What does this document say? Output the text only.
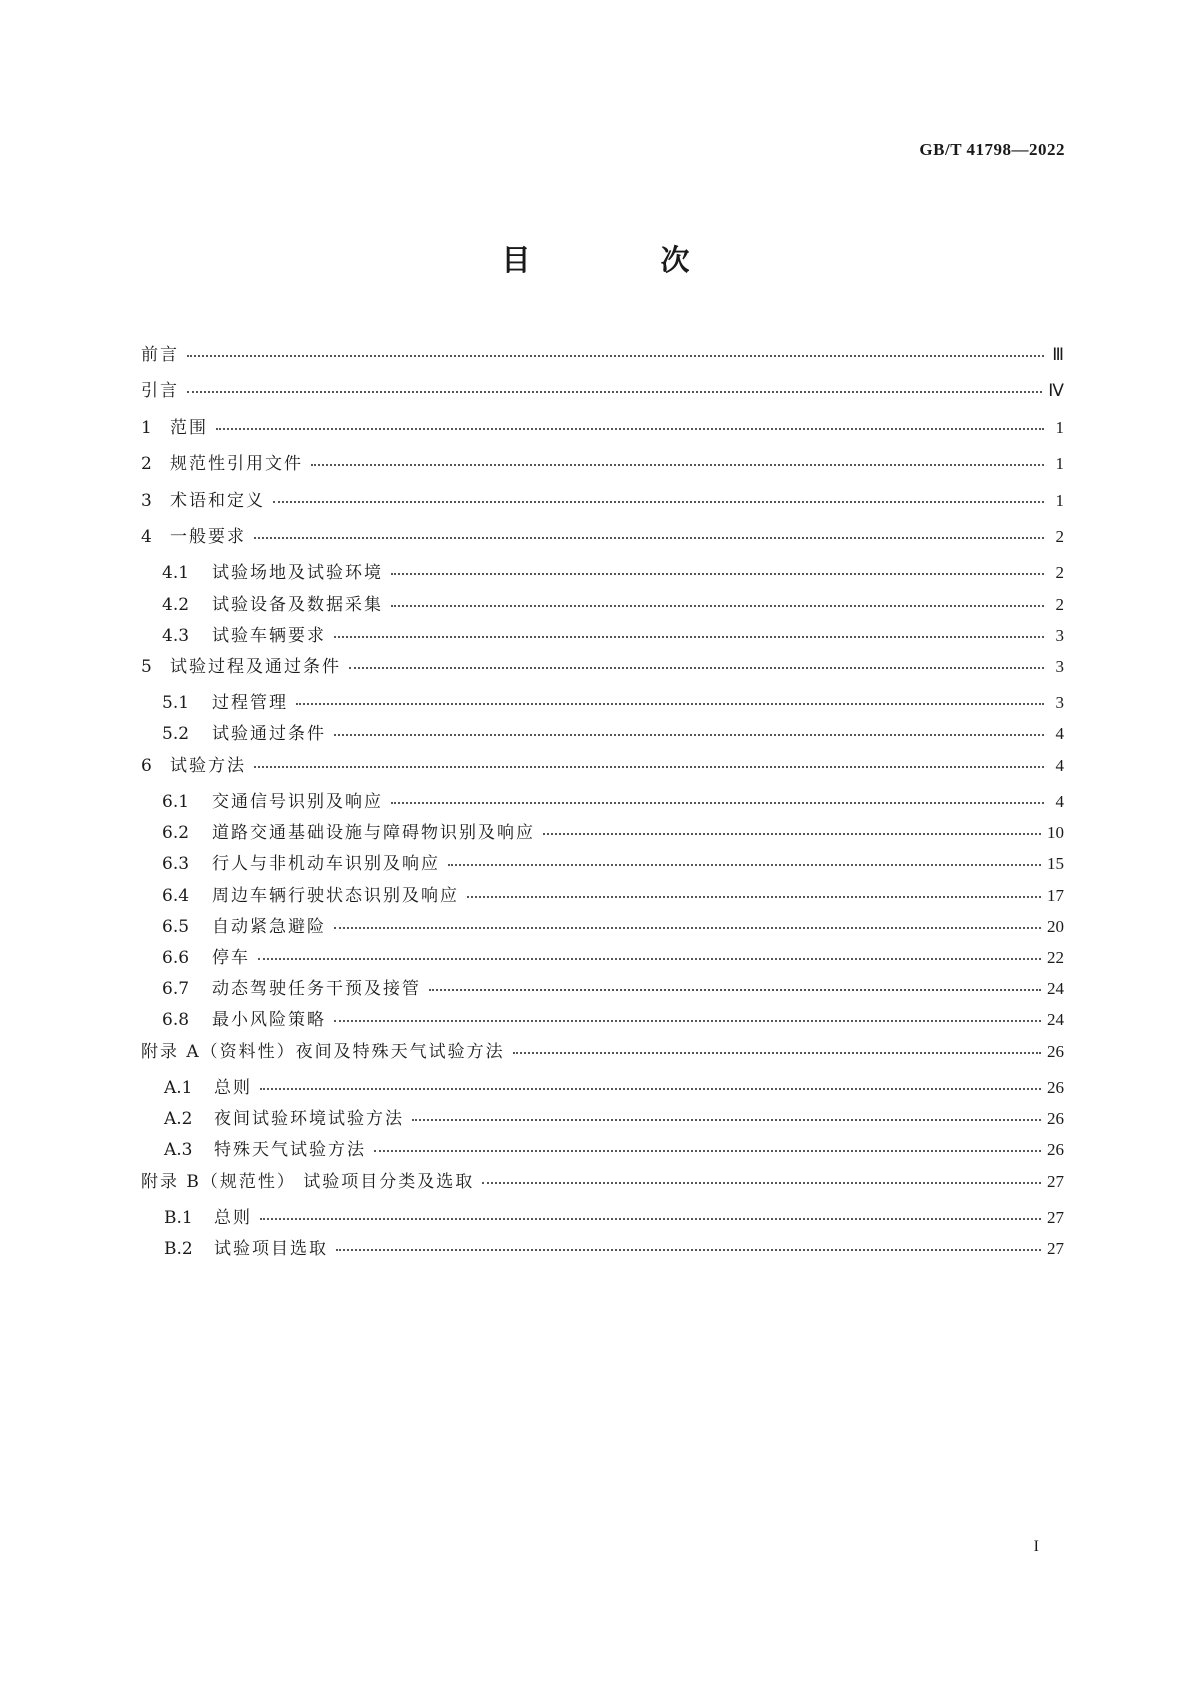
GB/T 41798—2022
目 次
前言	Ⅲ
引言	Ⅳ
1	范围	1
2	规范性引用文件	1
3	术语和定义	1
4	一般要求	2
4.1	试验场地及试验环境	2
4.2	试验设备及数据采集	2
4.3	试验车辆要求	3
5	试验过程及通过条件	3
5.1	过程管理	3
5.2	试验通过条件	4
6	试验方法	4
6.1	交通信号识别及响应	4
6.2	道路交通基础设施与障碍物识别及响应	10
6.3	行人与非机动车识别及响应	15
6.4	周边车辆行驶状态识别及响应	17
6.5	自动紧急避险	20
6.6	停车	22
6.7	动态驾驶任务干预及接管	24
6.8	最小风险策略	24
附录 A（资料性）夜间及特殊天气试验方法	26
A.1	总则	26
A.2	夜间试验环境试验方法	26
A.3	特殊天气试验方法	26
附录 B（规范性） 试验项目分类及选取	27
B.1	总则	27
B.2	试验项目选取	27
I
